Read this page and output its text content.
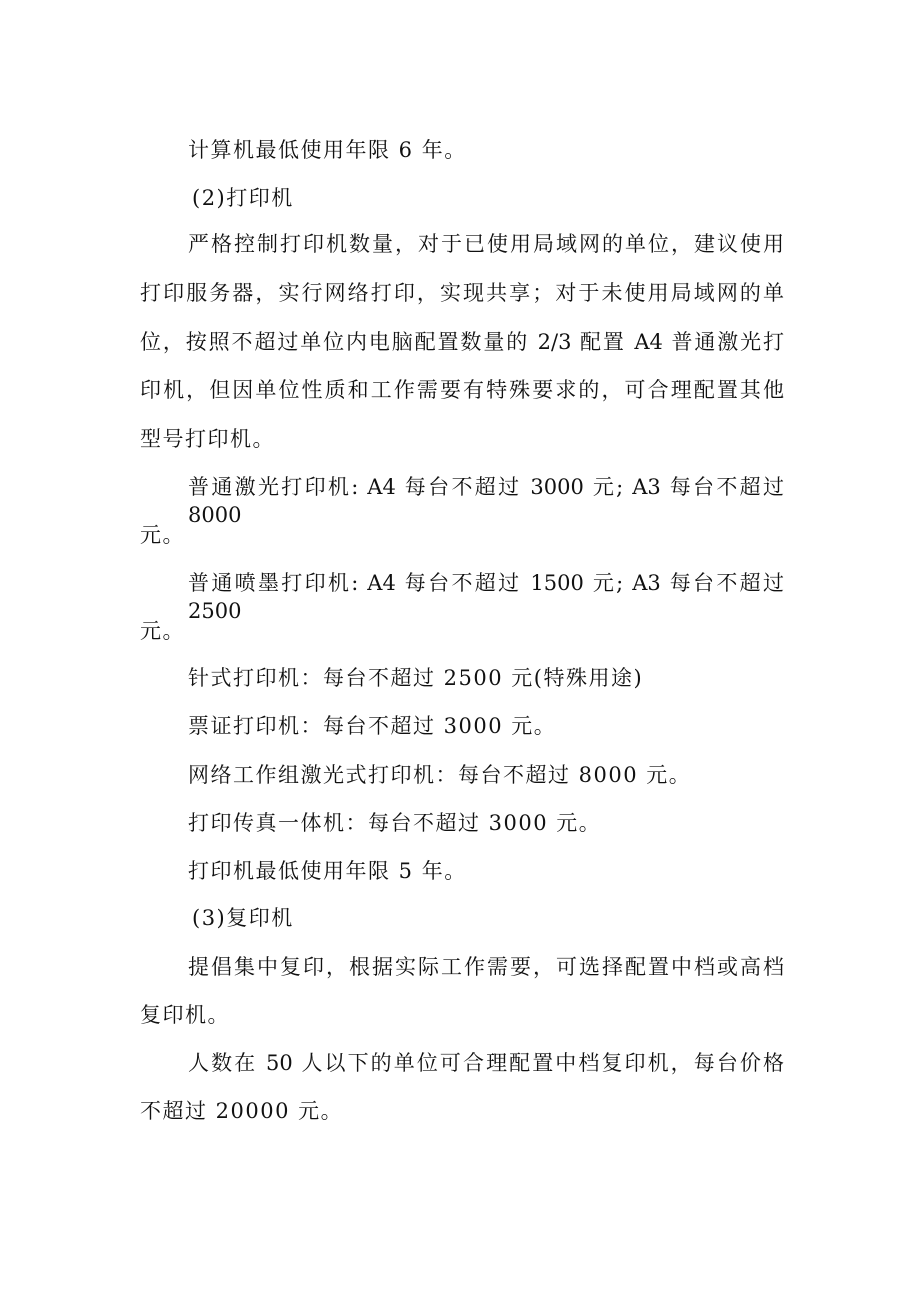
计算机最低使用年限 6 年。
(2)打印机
严格控制打印机数量，对于已使用局域网的单位，建议使用
打印服务器，实行网络打印，实现共享；对于未使用局域网的单
位，按照不超过单位内电脑配置数量的 2/3 配置 A4 普通激光打
印机，但因单位性质和工作需要有特殊要求的，可合理配置其他
型号打印机。
普通激光打印机: A4 每台不超过 3000 元; A3 每台不超过 8000
元。
普通喷墨打印机: A4 每台不超过 1500 元; A3 每台不超过 2500
元。
针式打印机：每台不超过 2500 元(特殊用途)
票证打印机：每台不超过 3000 元。
网络工作组激光式打印机：每台不超过 8000 元。
打印传真一体机：每台不超过 3000 元。
打印机最低使用年限 5 年。
(3)复印机
提倡集中复印，根据实际工作需要，可选择配置中档或高档
复印机。
人数在 50 人以下的单位可合理配置中档复印机，每台价格
不超过 20000 元。
